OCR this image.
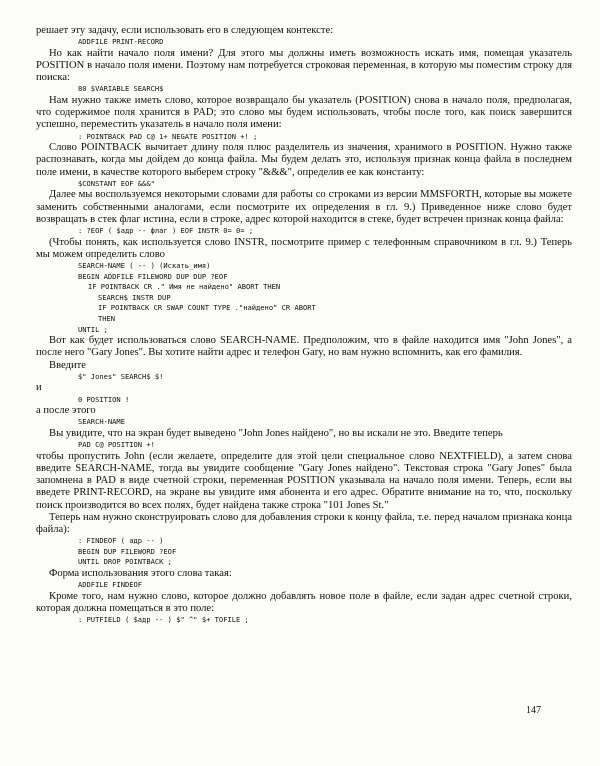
решает эту задачу, если использовать его в следующем контексте:

ADDFILE PRINT-RECORD

Но как найти начало поля имени? Для этого мы должны иметь возможность искать имя, помещая указатель POSITION в начало поля имени. Поэтому нам потребуется строковая переменная, в которую мы поместим строку для поиска:

80 $VARIABLE SEARCH$

Нам нужно также иметь слово, которое возвращало бы указатель (POSITION) снова в начало поля, предполагая, что содержимое поля хранится в PAD; это слово мы будем использовать, чтобы после того, как поиск завершится успешно, переместить указатель в начало поля имени:

: POINTBACK PAD C@ 1+ NEGATE POSITION +! ;

Слово POINTBACK вычитает длину поля плюс разделитель из значения, хранимого в POSITION. Нужно также распознавать, когда мы дойдем до конца файла. Мы будем делать это, используя признак конца файла в последнем поле имени, в качестве которого выберем строку "&&&", определив ее как константу:

$CONSTANT EOF &&&"

Далее мы воспользуемся некоторыми словами для работы со строками из версии MMSFORTH, которые вы можете заменить собственными аналогами, если посмотрите их определения в гл. 9.) Приведенное ниже слово будет возвращать в стек флаг истина, если в строке, адрес которой находится в стеке, будет встречен признак конца файла:

: ?EOF ( $адр -- флаг ) EOF INSTR 0= 0= ;

(Чтобы понять, как используется слово INSTR, посмотрите пример с телефонным справочником в гл. 9.) Теперь мы можем определить слово

SEARCH-NAME ( -- ) (Искать_имя)
BEGIN ADDFILE FILEWORD DUP DUP ?EOF
IF POINTBACK CR ." Имя не найдено" ABORT THEN
SEARCH$ INSTR DUP
IF POINTBACK CR SWAP COUNT TYPE ."найдено" CR ABORT
THEN
UNTIL ;

Вот как будет использоваться слово SEARCH-NAME. Предположим, что в файле находится имя "John Jones", а после него "Gary Jones". Вы хотите найти адрес и телефон Gary, но вам нужно вспомнить, как его фамилия.

Введите

$" Jones" SEARCH$ $!

и

0 POSITION !

а после этого

SEARCH-NAME

Вы увидите, что на экран будет выведено "John Jones найдено", но вы искали не это. Введите теперь

PAD C@ POSITION +!

чтобы пропустить John (если желаете, определите для этой цели специальное слово NEXTFIELD), а затем снова введите SEARCH-NAME, тогда вы увидите сообщение "Gary Jones найдено". Текстовая строка "Gary Jones" была запомнена в PAD в виде счетной строки, переменная POSITION указывала на начало поля имени. Теперь, если вы введете PRINT-RECORD, на экране вы увидите имя абонента и его адрес. Обратите внимание на то, что, поскольку поиск производится во всех полях, будет найдена также строка "101 Jones St."

Теперь нам нужно сконструировать слово для добавления строки к концу файла, т.е. перед началом признака конца файла):

: FINDEOF ( адр -- )
BEGIN DUP FILEWORD ?EOF
UNTIL DROP POINTBACK ;

Форма использования этого слова такая:

ADDFILE FINDEOF

Кроме того, нам нужно слово, которое должно добавлять новое поле в файле, если задан адрес счетной строки, которая должна помещаться в это поле:

: PUTFIELD ( $адр -- ) $" ^" $+ TOFILE ;
147
